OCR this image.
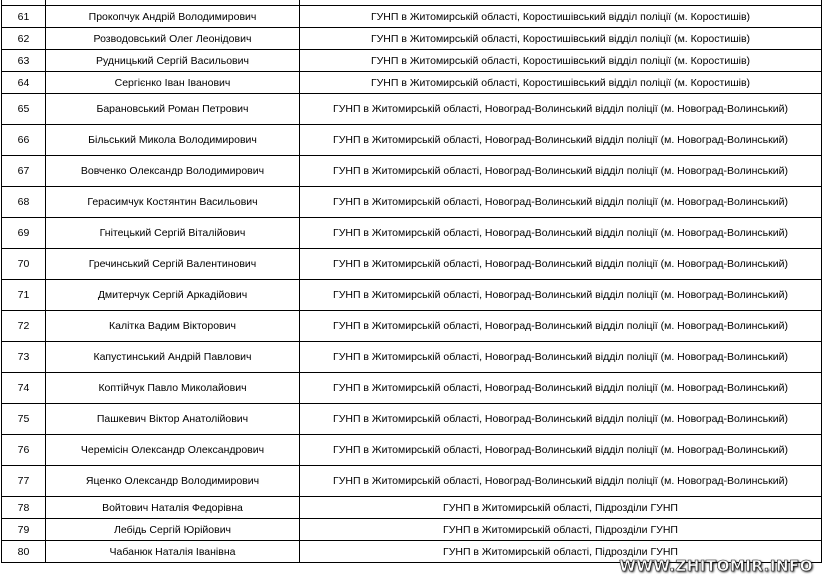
61	Прокопчук Андрій Володимирович	ГУНП в Житомирській області, Коростишівський відділ поліції (м. Коростишів)
62	Розводовський Олег Леонідович	ГУНП в Житомирській області, Коростишівський відділ поліції (м. Коростишів)
63	Рудницький Сергій Васильович	ГУНП в Житомирській області, Коростишівський відділ поліції (м. Коростишів)
64	Сергієнко Іван Іванович	ГУНП в Житомирській області, Коростишівський відділ поліції (м. Коростишів)
65	Барановський Роман Петрович	ГУНП в Житомирській області, Новоград-Волинський відділ поліції (м. Новоград-Волинський)
66	Більський Микола Володимирович	ГУНП в Житомирській області, Новоград-Волинський відділ поліції (м. Новоград-Волинський)
67	Вовченко Олександр Володимирович	ГУНП в Житомирській області, Новоград-Волинський відділ поліції (м. Новоград-Волинський)
68	Герасимчук Костянтин Васильович	ГУНП в Житомирській області, Новоград-Волинський відділ поліції (м. Новоград-Волинський)
69	Гнітецький Сергій Віталійович	ГУНП в Житомирській області, Новоград-Волинський відділ поліції (м. Новоград-Волинський)
70	Гречинський Сергій Валентинович	ГУНП в Житомирській області, Новоград-Волинський відділ поліції (м. Новоград-Волинський)
71	Дмитерчук Сергій Аркадійович	ГУНП в Житомирській області, Новоград-Волинський відділ поліції (м. Новоград-Волинський)
72	Калітка Вадим Вікторович	ГУНП в Житомирській області, Новоград-Волинський відділ поліції (м. Новоград-Волинський)
73	Капустинський Андрій Павлович	ГУНП в Житомирській області, Новоград-Волинський відділ поліції (м. Новоград-Волинський)
74	Коптійчук Павло Миколайович	ГУНП в Житомирській області, Новоград-Волинський відділ поліції (м. Новоград-Волинський)
75	Пашкевич Віктор Анатолійович	ГУНП в Житомирській області, Новоград-Волинський відділ поліції (м. Новоград-Волинський)
76	Черемісін Олександр Олександрович	ГУНП в Житомирській області, Новоград-Волинський відділ поліції (м. Новоград-Волинський)
77	Яценко Олександр Володимирович	ГУНП в Житомирській області, Новоград-Волинський відділ поліції (м. Новоград-Волинський)
78	Войтович Наталія Федорівна	ГУНП в Житомирській області, Підрозділи ГУНП
79	Лебідь Сергій Юрійович	ГУНП в Житомирській області, Підрозділи ГУНП
80	Чабанюк Наталія Іванівна	ГУНП в Житомирській області, Підрозділи ГУНП
WWW.ZHITOMIR.INFO
